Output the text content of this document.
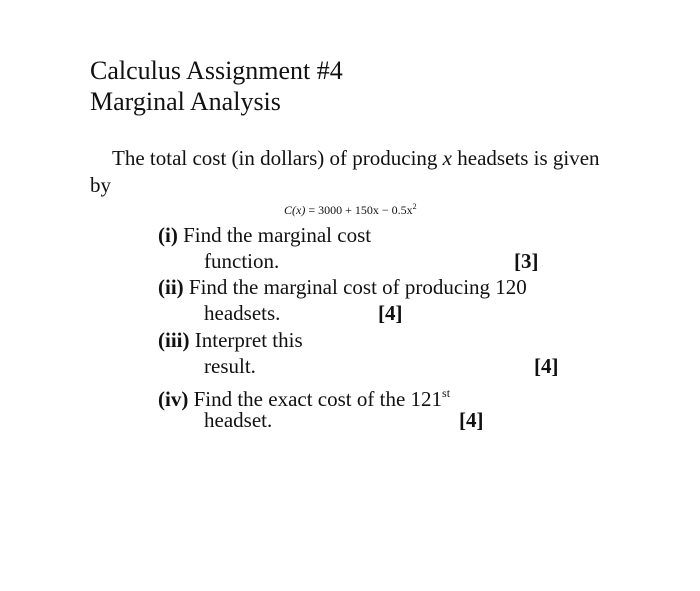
Calculus Assignment #4
Marginal Analysis

The total cost (in dollars) of producing x headsets is given by

$C(x) = 3000 + 150x - 0.5x^2$

(i) Find the marginal cost

function.	[3]

(ii) Find the marginal cost of producing 120

headsets.	[4]

(iii) Interpret this

result.	[4]

(iv) Find the exact cost of the 121st

headset.	[4]
